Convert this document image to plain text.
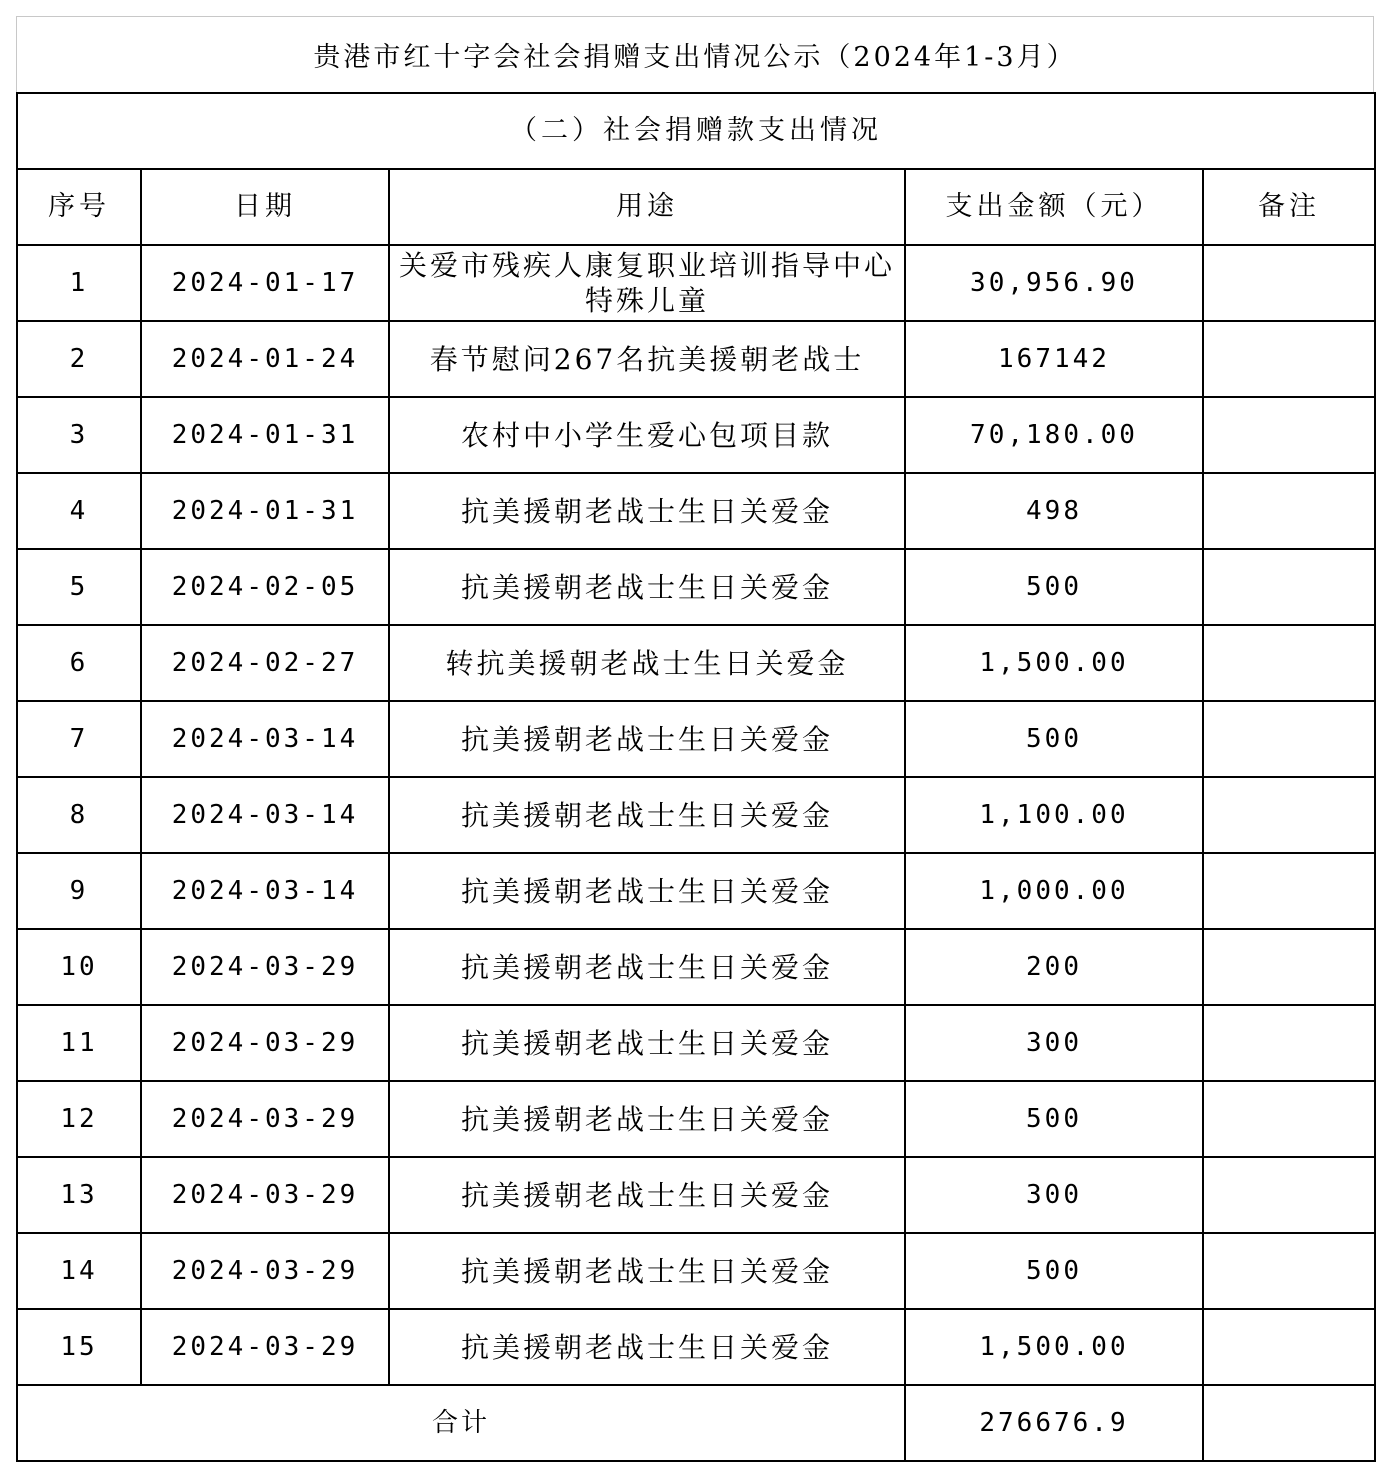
贵港市红十字会社会捐赠支出情况公示（2024年1-3月）
（二）社会捐赠款支出情况				
序号	日期	用途	支出金额（元）	备注
1	2024-01-17	关爱市残疾人康复职业培训指导中心特殊儿童	30,956.90	
2	2024-01-24	春节慰问267名抗美援朝老战士	167142	
3	2024-01-31	农村中小学生爱心包项目款	70,180.00	
4	2024-01-31	抗美援朝老战士生日关爱金	498	
5	2024-02-05	抗美援朝老战士生日关爱金	500	
6	2024-02-27	转抗美援朝老战士生日关爱金	1,500.00	
7	2024-03-14	抗美援朝老战士生日关爱金	500	
8	2024-03-14	抗美援朝老战士生日关爱金	1,100.00	
9	2024-03-14	抗美援朝老战士生日关爱金	1,000.00	
10	2024-03-29	抗美援朝老战士生日关爱金	200	
11	2024-03-29	抗美援朝老战士生日关爱金	300	
12	2024-03-29	抗美援朝老战士生日关爱金	500	
13	2024-03-29	抗美援朝老战士生日关爱金	300	
14	2024-03-29	抗美援朝老战士生日关爱金	500	
15	2024-03-29	抗美援朝老战士生日关爱金	1,500.00	
合计			276676.9	
